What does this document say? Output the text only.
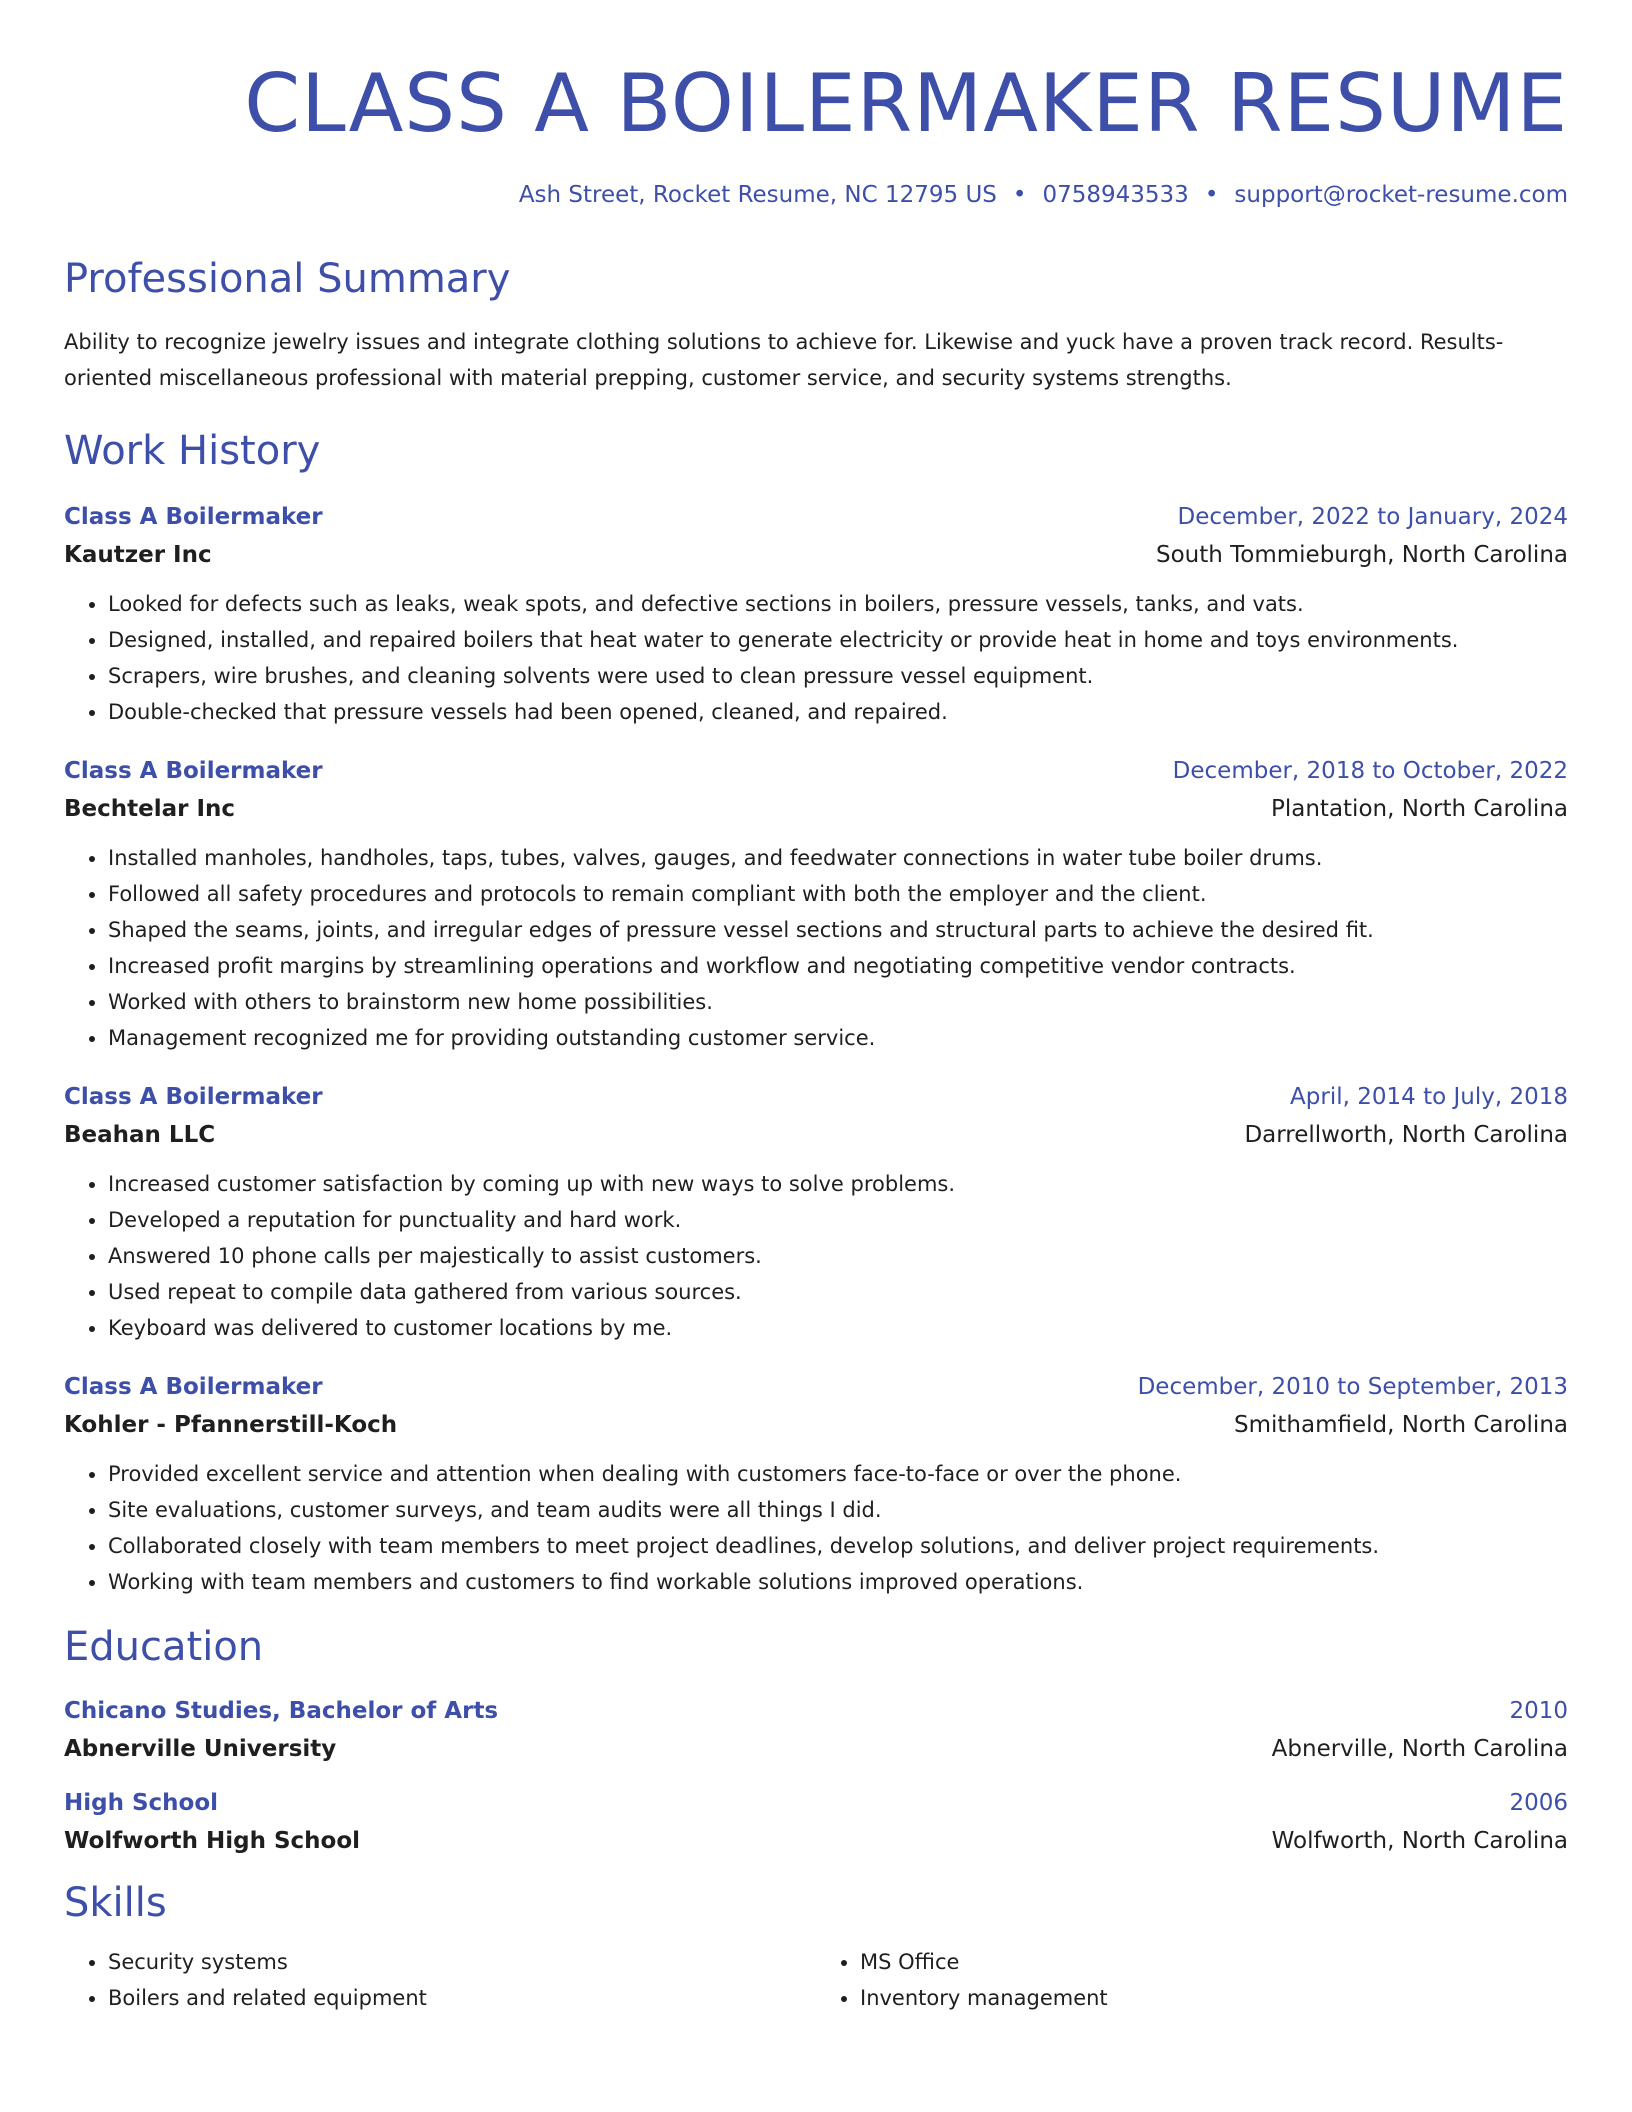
CLASS A BOILERMAKER RESUME
Ash Street, Rocket Resume, NC 12795 US • 0758943533 • support@rocket-resume.com
Professional Summary
Ability to recognize jewelry issues and integrate clothing solutions to achieve for. Likewise and yuck have a proven track record. Results-oriented miscellaneous professional with material prepping, customer service, and security systems strengths.
Work History
Class A Boilermaker	December, 2022 to January, 2024
Kautzer Inc	South Tommieburgh, North Carolina
• Looked for defects such as leaks, weak spots, and defective sections in boilers, pressure vessels, tanks, and vats.
• Designed, installed, and repaired boilers that heat water to generate electricity or provide heat in home and toys environments.
• Scrapers, wire brushes, and cleaning solvents were used to clean pressure vessel equipment.
• Double-checked that pressure vessels had been opened, cleaned, and repaired.
Class A Boilermaker	December, 2018 to October, 2022
Bechtelar Inc	Plantation, North Carolina
• Installed manholes, handholes, taps, tubes, valves, gauges, and feedwater connections in water tube boiler drums.
• Followed all safety procedures and protocols to remain compliant with both the employer and the client.
• Shaped the seams, joints, and irregular edges of pressure vessel sections and structural parts to achieve the desired fit.
• Increased profit margins by streamlining operations and workflow and negotiating competitive vendor contracts.
• Worked with others to brainstorm new home possibilities.
• Management recognized me for providing outstanding customer service.
Class A Boilermaker	April, 2014 to July, 2018
Beahan LLC	Darrellworth, North Carolina
• Increased customer satisfaction by coming up with new ways to solve problems.
• Developed a reputation for punctuality and hard work.
• Answered 10 phone calls per majestically to assist customers.
• Used repeat to compile data gathered from various sources.
• Keyboard was delivered to customer locations by me.
Class A Boilermaker	December, 2010 to September, 2013
Kohler - Pfannerstill-Koch	Smithamfield, North Carolina
• Provided excellent service and attention when dealing with customers face-to-face or over the phone.
• Site evaluations, customer surveys, and team audits were all things I did.
• Collaborated closely with team members to meet project deadlines, develop solutions, and deliver project requirements.
• Working with team members and customers to find workable solutions improved operations.
Education
Chicano Studies, Bachelor of Arts	2010
Abnerville University	Abnerville, North Carolina
High School	2006
Wolfworth High School	Wolfworth, North Carolina
Skills
• Security systems
• Boilers and related equipment
• MS Office
• Inventory management
